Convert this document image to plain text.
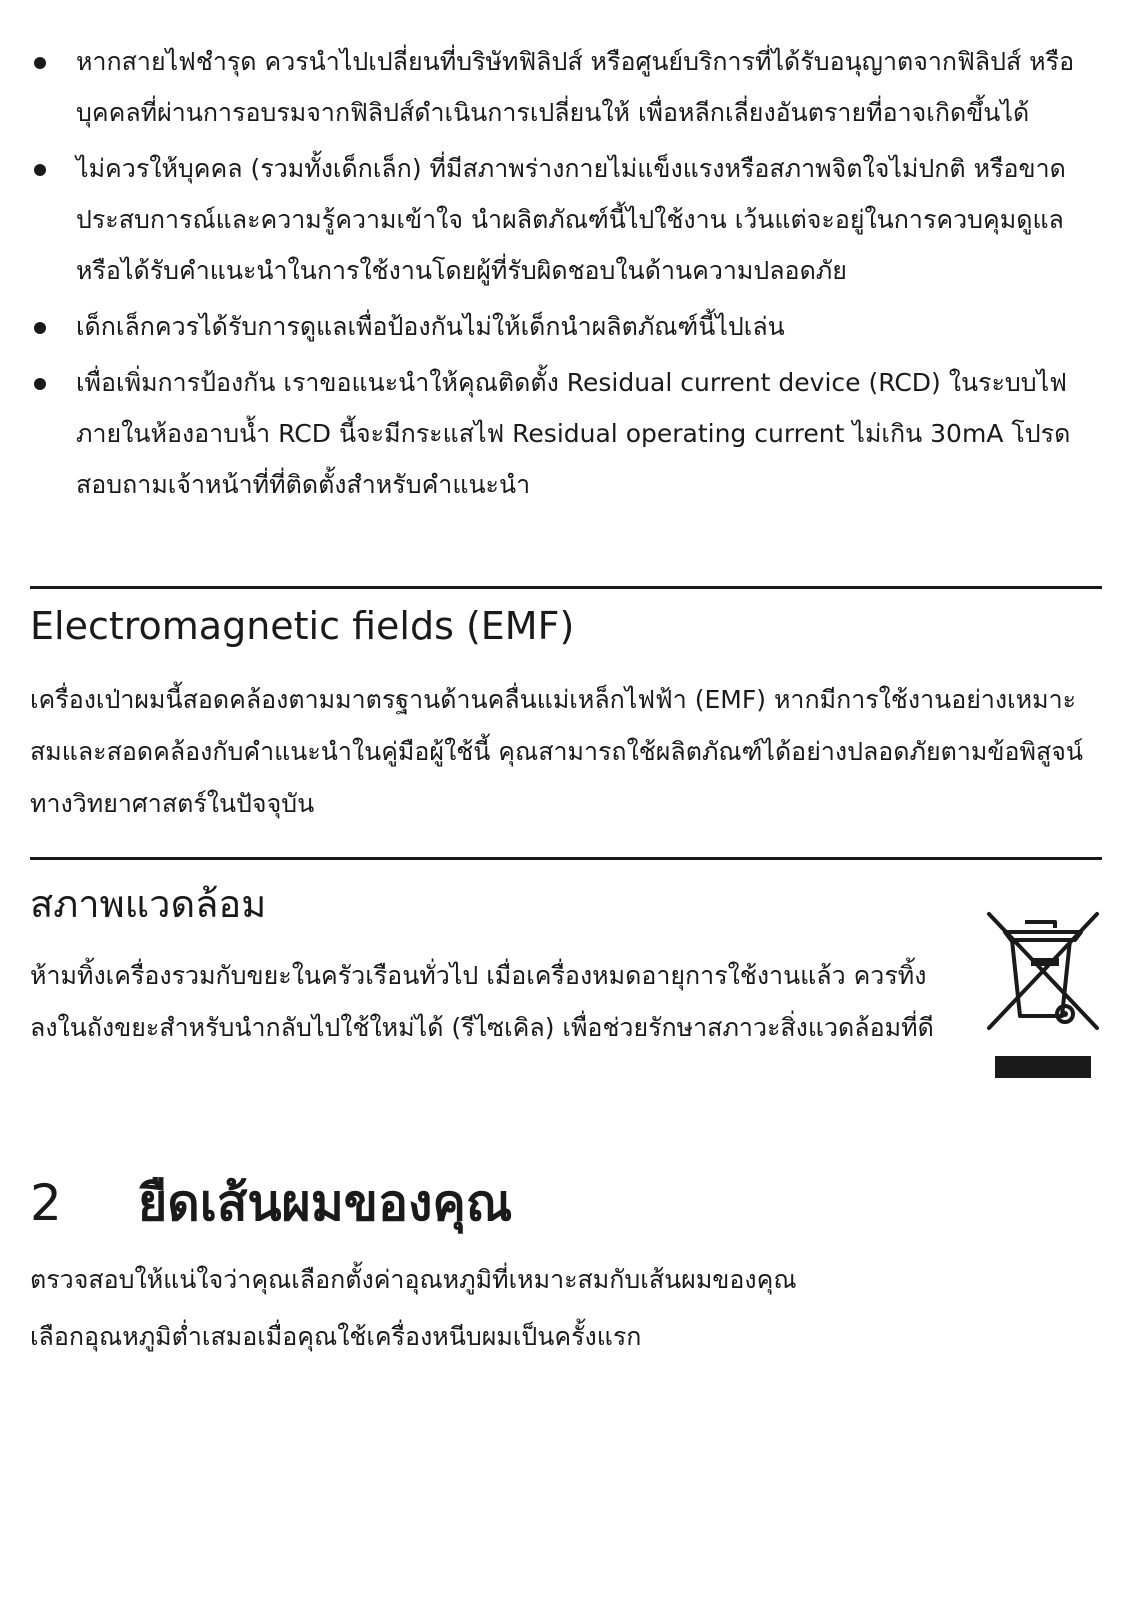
หากสายไฟชำรุด ควรนำไปเปลี่ยนที่บริษัทฟิลิปส์ หรือศูนย์บริการที่ได้รับอนุญาตจากฟิลิปส์ หรือบุคคลที่ผ่านการอบรมจากฟิลิปส์ดำเนินการเปลี่ยนให้ เพื่อหลีกเลี่ยงอันตรายที่อาจเกิดขึ้นได้
ไม่ควรให้บุคคล (รวมทั้งเด็กเล็ก) ที่มีสภาพร่างกายไม่แข็งแรงหรือสภาพจิตใจไม่ปกติ หรือขาดประสบการณ์และความรู้ความเข้าใจ นำผลิตภัณฑ์นี้ไปใช้งาน เว้นแต่จะอยู่ในการควบคุมดูแลหรือได้รับคำแนะนำในการใช้งานโดยผู้ที่รับผิดชอบในด้านความปลอดภัย
เด็กเล็กควรได้รับการดูแลเพื่อป้องกันไม่ให้เด็กนำผลิตภัณฑ์นี้ไปเล่น
เพื่อเพิ่มการป้องกัน เราขอแนะนำให้คุณติดตั้ง Residual current device (RCD) ในระบบไฟภายในห้องอาบน้ำ RCD นี้จะมีกระแสไฟ Residual operating current ไม่เกิน 30mA โปรดสอบถามเจ้าหน้าที่ที่ติดตั้งสำหรับคำแนะนำ
Electromagnetic fields (EMF)

เครื่องเป่าผมนี้สอดคล้องตามมาตรฐานด้านคลื่นแม่เหล็กไฟฟ้า (EMF) หากมีการใช้งานอย่างเหมาะสมและสอดคล้องกับคำแนะนำในคู่มือผู้ใช้นี้ คุณสามารถใช้ผลิตภัณฑ์ได้อย่างปลอดภัยตามข้อพิสูจน์ทางวิทยาศาสตร์ในปัจจุบัน

สภาพแวดล้อม

ห้ามทิ้งเครื่องรวมกับขยะในครัวเรือนทั่วไป เมื่อเครื่องหมดอายุการใช้งานแล้ว ควรทิ้งลงในถังขยะสำหรับนำกลับไปใช้ใหม่ได้ (รีไซเคิล) เพื่อช่วยรักษาสภาวะสิ่งแวดล้อมที่ดี

2 ยืดเส้นผมของคุณ

ตรวจสอบให้แน่ใจว่าคุณเลือกตั้งค่าอุณหภูมิที่เหมาะสมกับเส้นผมของคุณ

เลือกอุณหภูมิต่ำเสมอเมื่อคุณใช้เครื่องหนีบผมเป็นครั้งแรก
